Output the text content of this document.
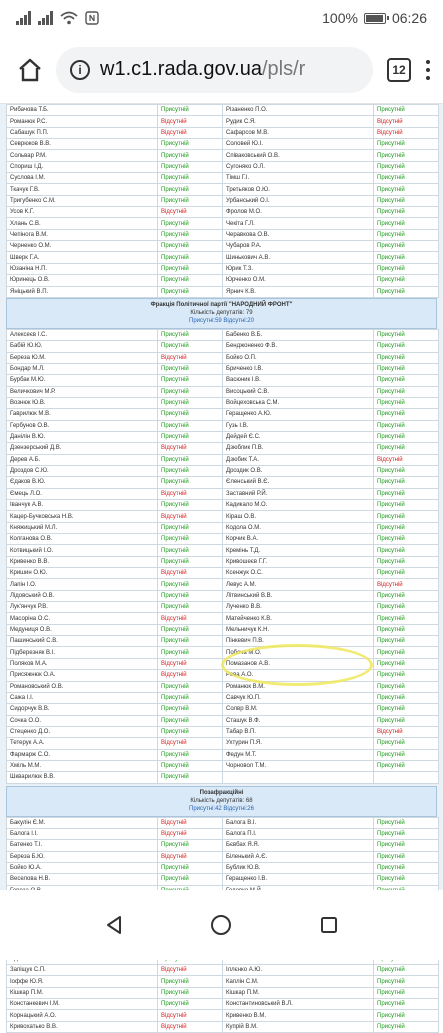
100% 06:26
i w1.c1.rada.gov.ua/pls/r	12
Рибачова Т.Б.	Присутній	Різаненко П.О.	Присутній
Романюк Р.С.	Відсутній	Рудик С.Я.	Відсутній
Сабашук П.П.	Відсутній	Сафарсов М.В.	Відсутній
Севрюков В.В.	Присутній	Соловей Ю.І.	Присутній
Сольвар Р.М.	Присутній	Співаковський О.В.	Присутній
Спориш І.Д.	Присутній	Сугоняко О.Л.	Присутній
Суслова І.М.	Присутній	Тімш Г.І.	Присутній
Ткачук Г.В.	Присутній	Третьяков О.Ю.	Присутній
Тригубенко С.М.	Присутній	Урбанський О.І.	Присутній
Усов К.Г.	Відсутній	Фролов М.О.	Присутній
Хлань С.В.	Присутній	Чекіта Г.Л.	Присутній
Чепінога В.М.	Присутній	Черавкова О.В.	Присутній
Черненко О.М.	Присутній	Чубаров Р.А.	Присутній
Шверк Г.А.	Присутній	Шинькович А.В.	Присутній
Юзаніна Н.П.	Присутній	Юрик Т.З.	Присутній
Юринець О.В.	Присутній	Юрченко О.М.	Присутній
Яніцький В.П.	Присутній	Ярнич К.В.	Присутній
Фракція Політичної партії "НАРОДНИЙ ФРОНТ"
Кількість депутатів: 79
Присутні:59 Відсутні:20
Алексеєв І.С.	Присутній	Бабенко В.Б.	Присутній
Бабій Ю.Ю.	Присутній	Бенджоненко Ф.В.	Присутній
Березa Ю.М.	Відсутній	Бойко О.П.	Присутній
Бондар М.Л.	Присутній	Бриченко І.В.	Присутній
Бурбак М.Ю.	Присутній	Васюник І.В.	Присутній
Величкович М.Р.	Присутній	Висоцький С.В.	Присутній
Вознюк Ю.В.	Присутній	Войцеховська С.М.	Присутній
Гаврилюк М.В.	Присутній	Геращенко А.Ю.	Присутній
Гербунов О.В.	Присутній	Гузь І.В.	Присутній
Данілін В.Ю.	Присутній	Дейдей Є.С.	Присутній
Дзензерський Д.В.	Відсутній	Дзюблик П.В.	Присутній
Дерев А.Б.	Присутній	Дзюбик Т.А.	Відсутній
Дроздов С.Ю.	Присутній	Дроздик О.В.	Присутній
Єдаков В.Ю.	Присутній	Єленський В.Є.	Присутній
Ємець Л.О.	Відсутній	Заставний Р.Й.	Присутній
Іванчук А.В.	Присутній	Кадикало М.О.	Присутній
Кацер-Бучковська Н.В.	Відсутній	Кіраш О.В.	Присутній
Княжицький М.Л.	Присутній	Кодола О.М.	Присутній
Колганова О.В.	Присутній	Корчик В.А.	Присутній
Котвицький І.О.	Присутній	Кремінь Т.Д.	Присутній
Кривенко В.В.	Присутній	Кривошеєв Г.Г.	Присутній
Кришин О.Ю.	Відсутній	Ксенжук О.С.	Присутній
Лапін І.О.	Присутній	Левус А.М.	Відсутній
Лідовський О.В.	Присутній	Літвинський В.В.	Присутній
Лук'янчук Р.В.	Присутній	Лученко В.В.	Присутній
Масорiна О.С.	Відсутній	Матейченко К.В.	Присутній
Медуниця О.В.	Присутній	Мельничук К.Н.	Присутній
Пашинський С.В.	Присутній	Пінкевич П.В.	Присутній
Підберезняк В.І.	Присутній	Побоча М.О.	Присутній
Поляков М.А.	Відсутній	Помазанов А.В.	Присутній
Присяжнюк О.А.	Відсутній	Рева А.О.	Присутній
Романовський О.В.	Присутній	Романюк В.М.	Присутній
Сажа І.І.	Присутній	Савчук Ю.П.	Присутній
Сидорчук В.В.	Присутній	Солвр В.М.	Присутній
Сочка О.О.	Присутній	Сташук В.Ф.	Присутній
Стеценко Д.О.	Присутній	Табар В.П.	Відсутній
Тетерук А.А.	Відсутній	Ухтурин П.Я.	Присутній
Фармарж С.О.	Присутній	Федун М.Т.	Присутній
Хміль М.М.	Присутній	Чорновол Т.М.	Присутній
Шкварилюк В.В.	Присутній		
Позафракційні
Кількість депутатів: 68
Присутні:42 Відсутні:26
Бакулін Є.М.	Відсутній	Балога В.І.	Присутній
Балога І.І.	Відсутній	Балога П.І.	Присутній
Батенко Т.І.	Присутній	Бєвбах Я.Я.	Присутній
Береза Б.Ю.	Відсутній	Біленький А.Є.	Присутній
Бойко Ю.А.	Присутній	Бублик Ю.В.	Присутній
Веселова Н.В.	Присутній	Геращенко І.В.	Присутній

Запіщук С.П.	Відсутній	Іллєнко А.Ю.	Присутній
Іоффе Ю.Я.	Присутній	Каплін С.М.	Присутній
Кішкар П.М.	Присутній	Кішкар П.М.	Присутній
Констанкевич І.М.	Присутній	Константиновський В.Л.	Присутній
Корнацький А.О.	Відсутній	Кривенко В.М.	Присутній
Кривохатько В.В.	Відсутній	Купрій В.М.	Присутній
